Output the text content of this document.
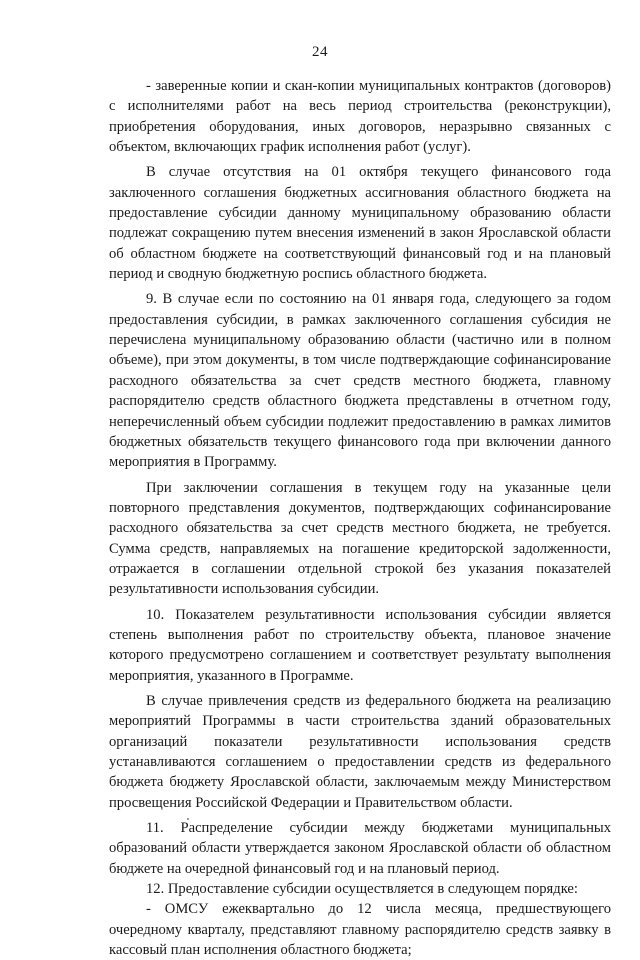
24

- заверенные копии и скан-копии муниципальных контрактов (договоров) с исполнителями работ на весь период строительства (реконструкции), приобретения оборудования, иных договоров, неразрывно связанных с объектом, включающих график исполнения работ (услуг).

В случае отсутствия на 01 октября текущего финансового года заключенного соглашения бюджетных ассигнования областного бюджета на предоставление субсидии данному муниципальному образованию области подлежат сокращению путем внесения изменений в закон Ярославской области об областном бюджете на соответствующий финансовый год и на плановый период и сводную бюджетную роспись областного бюджета.

9. В случае если по состоянию на 01 января года, следующего за годом предоставления субсидии, в рамках заключенного соглашения субсидия не перечислена муниципальному образованию области (частично или в полном объеме), при этом документы, в том числе подтверждающие софинансирование расходного обязательства за счет средств местного бюджета, главному распорядителю средств областного бюджета представлены в отчетном году, неперечисленный объем субсидии подлежит предоставлению в рамках лимитов бюджетных обязательств текущего финансового года при включении данного мероприятия в Программу.

При заключении соглашения в текущем году на указанные цели повторного представления документов, подтверждающих софинансирование расходного обязательства за счет средств местного бюджета, не требуется. Сумма средств, направляемых на погашение кредиторской задолженности, отражается в соглашении отдельной строкой без указания показателей результативности использования субсидии.

10. Показателем результативности использования субсидии является степень выполнения работ по строительству объекта, плановое значение которого предусмотрено соглашением и соответствует результату выполнения мероприятия, указанного в Программе.

В случае привлечения средств из федерального бюджета на реализацию мероприятий Программы в части строительства зданий образовательных организаций показатели результативности использования средств устанавливаются соглашением о предоставлении средств из федерального бюджета бюджету Ярославской области, заключаемым между Министерством просвещения Российской Федерации и Правительством области.

11. Распределение субсидии между бюджетами муниципальных образований области утверждается законом Ярославской области об областном бюджете на очередной финансовый год и на плановый период.

12. Предоставление субсидии осуществляется в следующем порядке:

- ОМСУ ежеквартально до 12 числа месяца, предшествующего очередному кварталу, представляют главному распорядителю средств заявку в кассовый план исполнения областного бюджета;
